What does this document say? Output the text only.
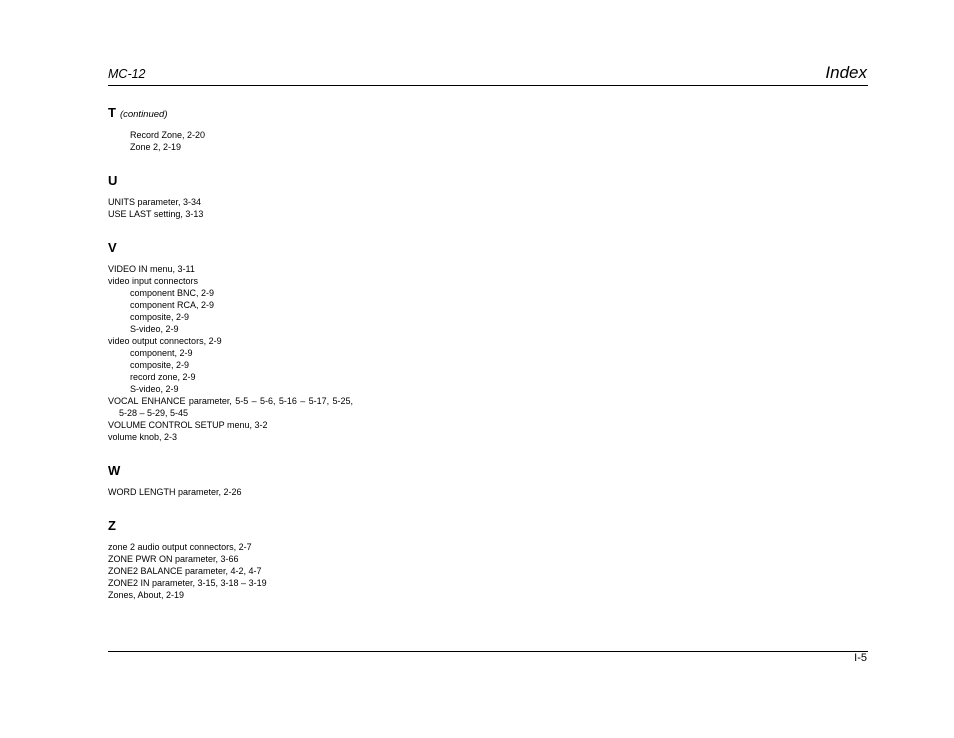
MC-12	Index
T (continued)
Record Zone, 2-20
Zone 2, 2-19
U
UNITS parameter, 3-34
USE LAST setting, 3-13
V
VIDEO IN menu, 3-11
video input connectors
component BNC, 2-9
component RCA, 2-9
composite, 2-9
S-video, 2-9
video output connectors, 2-9
component, 2-9
composite, 2-9
record zone, 2-9
S-video, 2-9
VOCAL ENHANCE parameter, 5-5 – 5-6, 5-16 – 5-17, 5-25, 5-28 – 5-29, 5-45
VOLUME CONTROL SETUP menu, 3-2
volume knob, 2-3
W
WORD LENGTH parameter, 2-26
Z
zone 2 audio output connectors, 2-7
ZONE PWR ON parameter, 3-66
ZONE2 BALANCE parameter, 4-2, 4-7
ZONE2 IN parameter, 3-15, 3-18 – 3-19
Zones, About, 2-19
I-5
